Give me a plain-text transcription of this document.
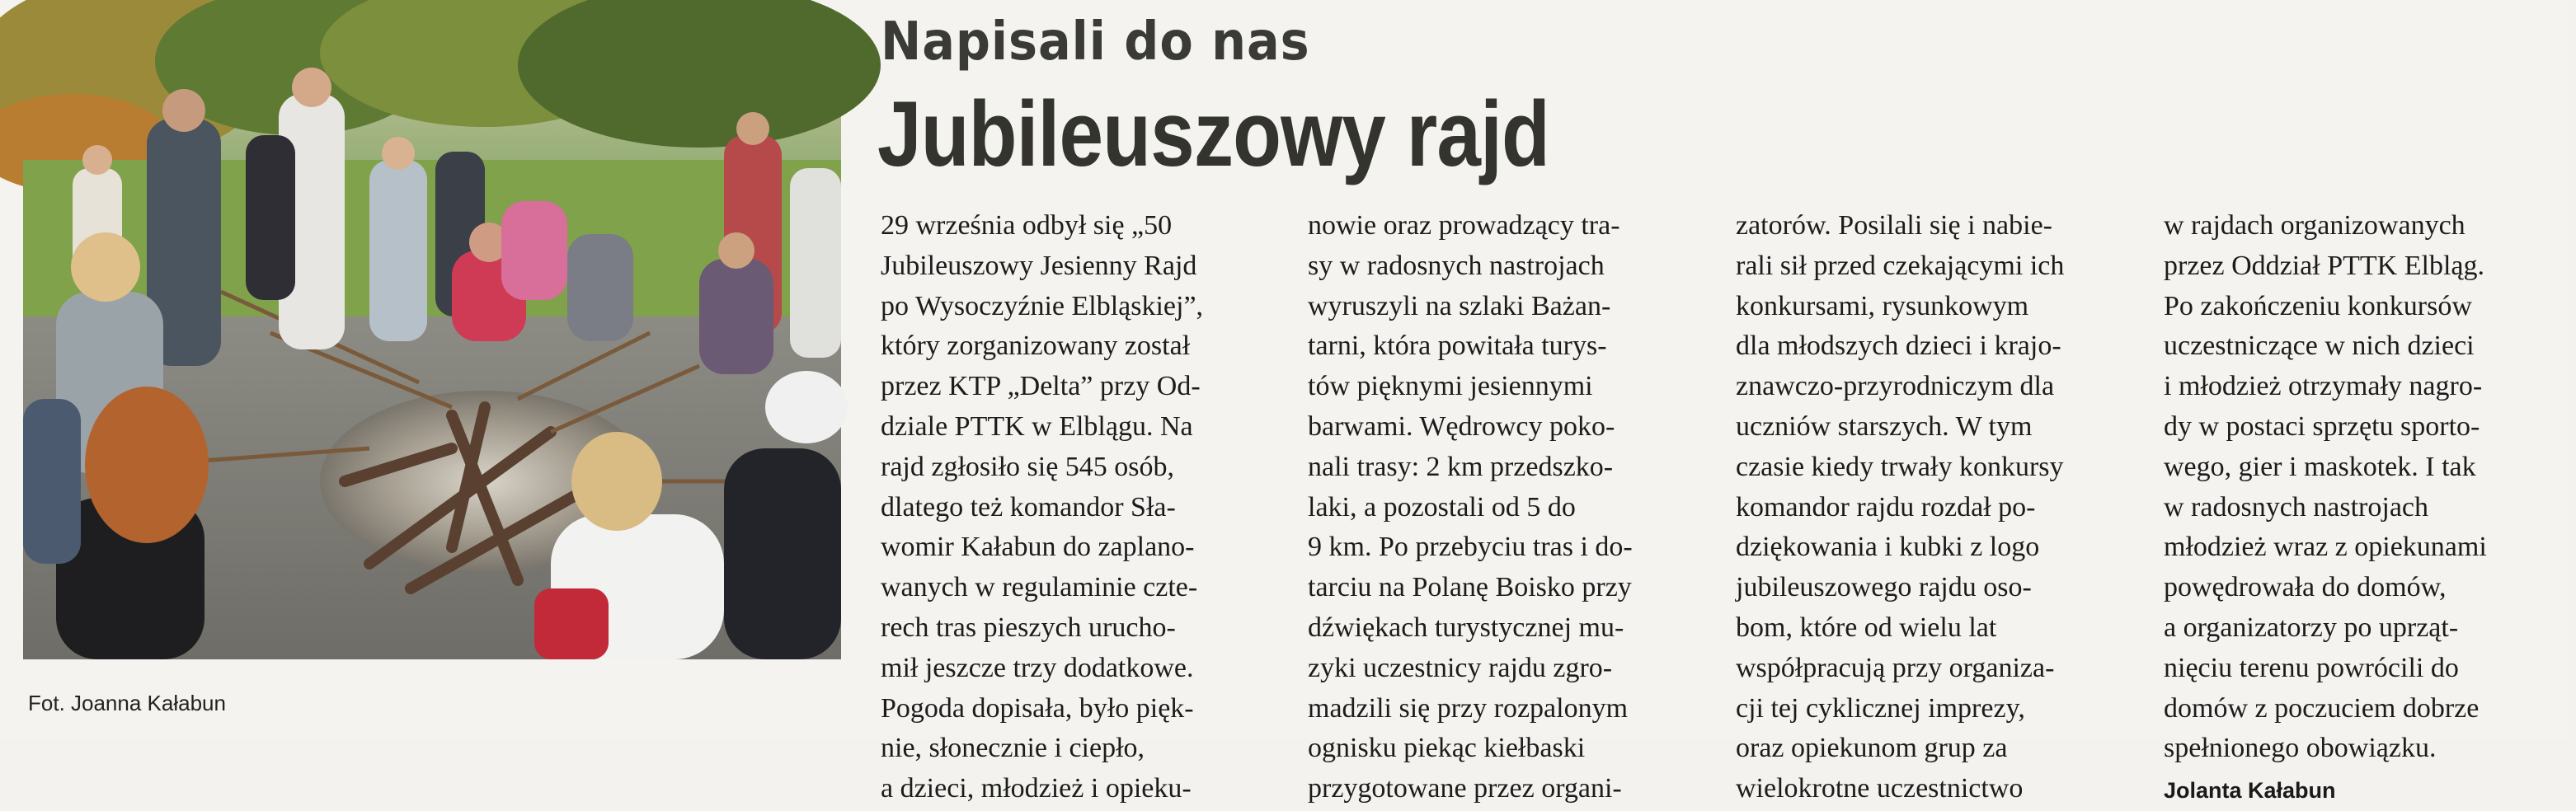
Fot. Joanna Kałabun
Napisali do nas
Jubileuszowy rajd
29 września odbył się „50
Jubileuszowy Jesienny Rajd
po Wysoczyźnie Elbląskiej”,
który zorganizowany został
przez KTP „Delta” przy Od-
dziale PTTK w Elblągu. Na
rajd zgłosiło się 545 osób,
dlatego też komandor Sła-
womir Kałabun do zaplano-
wanych w regulaminie czte-
rech tras pieszych urucho-
mił jeszcze trzy dodatkowe.
Pogoda dopisała, było pięk-
nie, słonecznie i ciepło,
a dzieci, młodzież i opieku-
nowie oraz prowadzący tra-
sy w radosnych nastrojach
wyruszyli na szlaki Bażan-
tarni, która powitała turys-
tów pięknymi jesiennymi
barwami. Wędrowcy poko-
nali trasy: 2 km przedszko-
laki, a pozostali od 5 do
9 km. Po przebyciu tras i do-
tarciu na Polanę Boisko przy
dźwiękach turystycznej mu-
zyki uczestnicy rajdu zgro-
madzili się przy rozpalonym
ognisku piekąc kiełbaski
przygotowane przez organi-
zatorów. Posilali się i nabie-
rali sił przed czekającymi ich
konkursami, rysunkowym
dla młodszych dzieci i krajo-
znawczo-przyrodniczym dla
uczniów starszych. W tym
czasie kiedy trwały konkursy
komandor rajdu rozdał po-
dziękowania i kubki z logo
jubileuszowego rajdu oso-
bom, które od wielu lat
współpracują przy organiza-
cji tej cyklicznej imprezy,
oraz opiekunom grup za
wielokrotne uczestnictwo
w rajdach organizowanych
przez Oddział PTTK Elbląg.
Po zakończeniu konkursów
uczestniczące w nich dzieci
i młodzież otrzymały nagro-
dy w postaci sprzętu sporto-
wego, gier i maskotek. I tak
w radosnych nastrojach
młodzież wraz z opiekunami
powędrowała do domów,
a organizatorzy po uprząt-
nięciu terenu powrócili do
domów z poczuciem dobrze
spełnionego obowiązku.
Jolanta Kałabun
